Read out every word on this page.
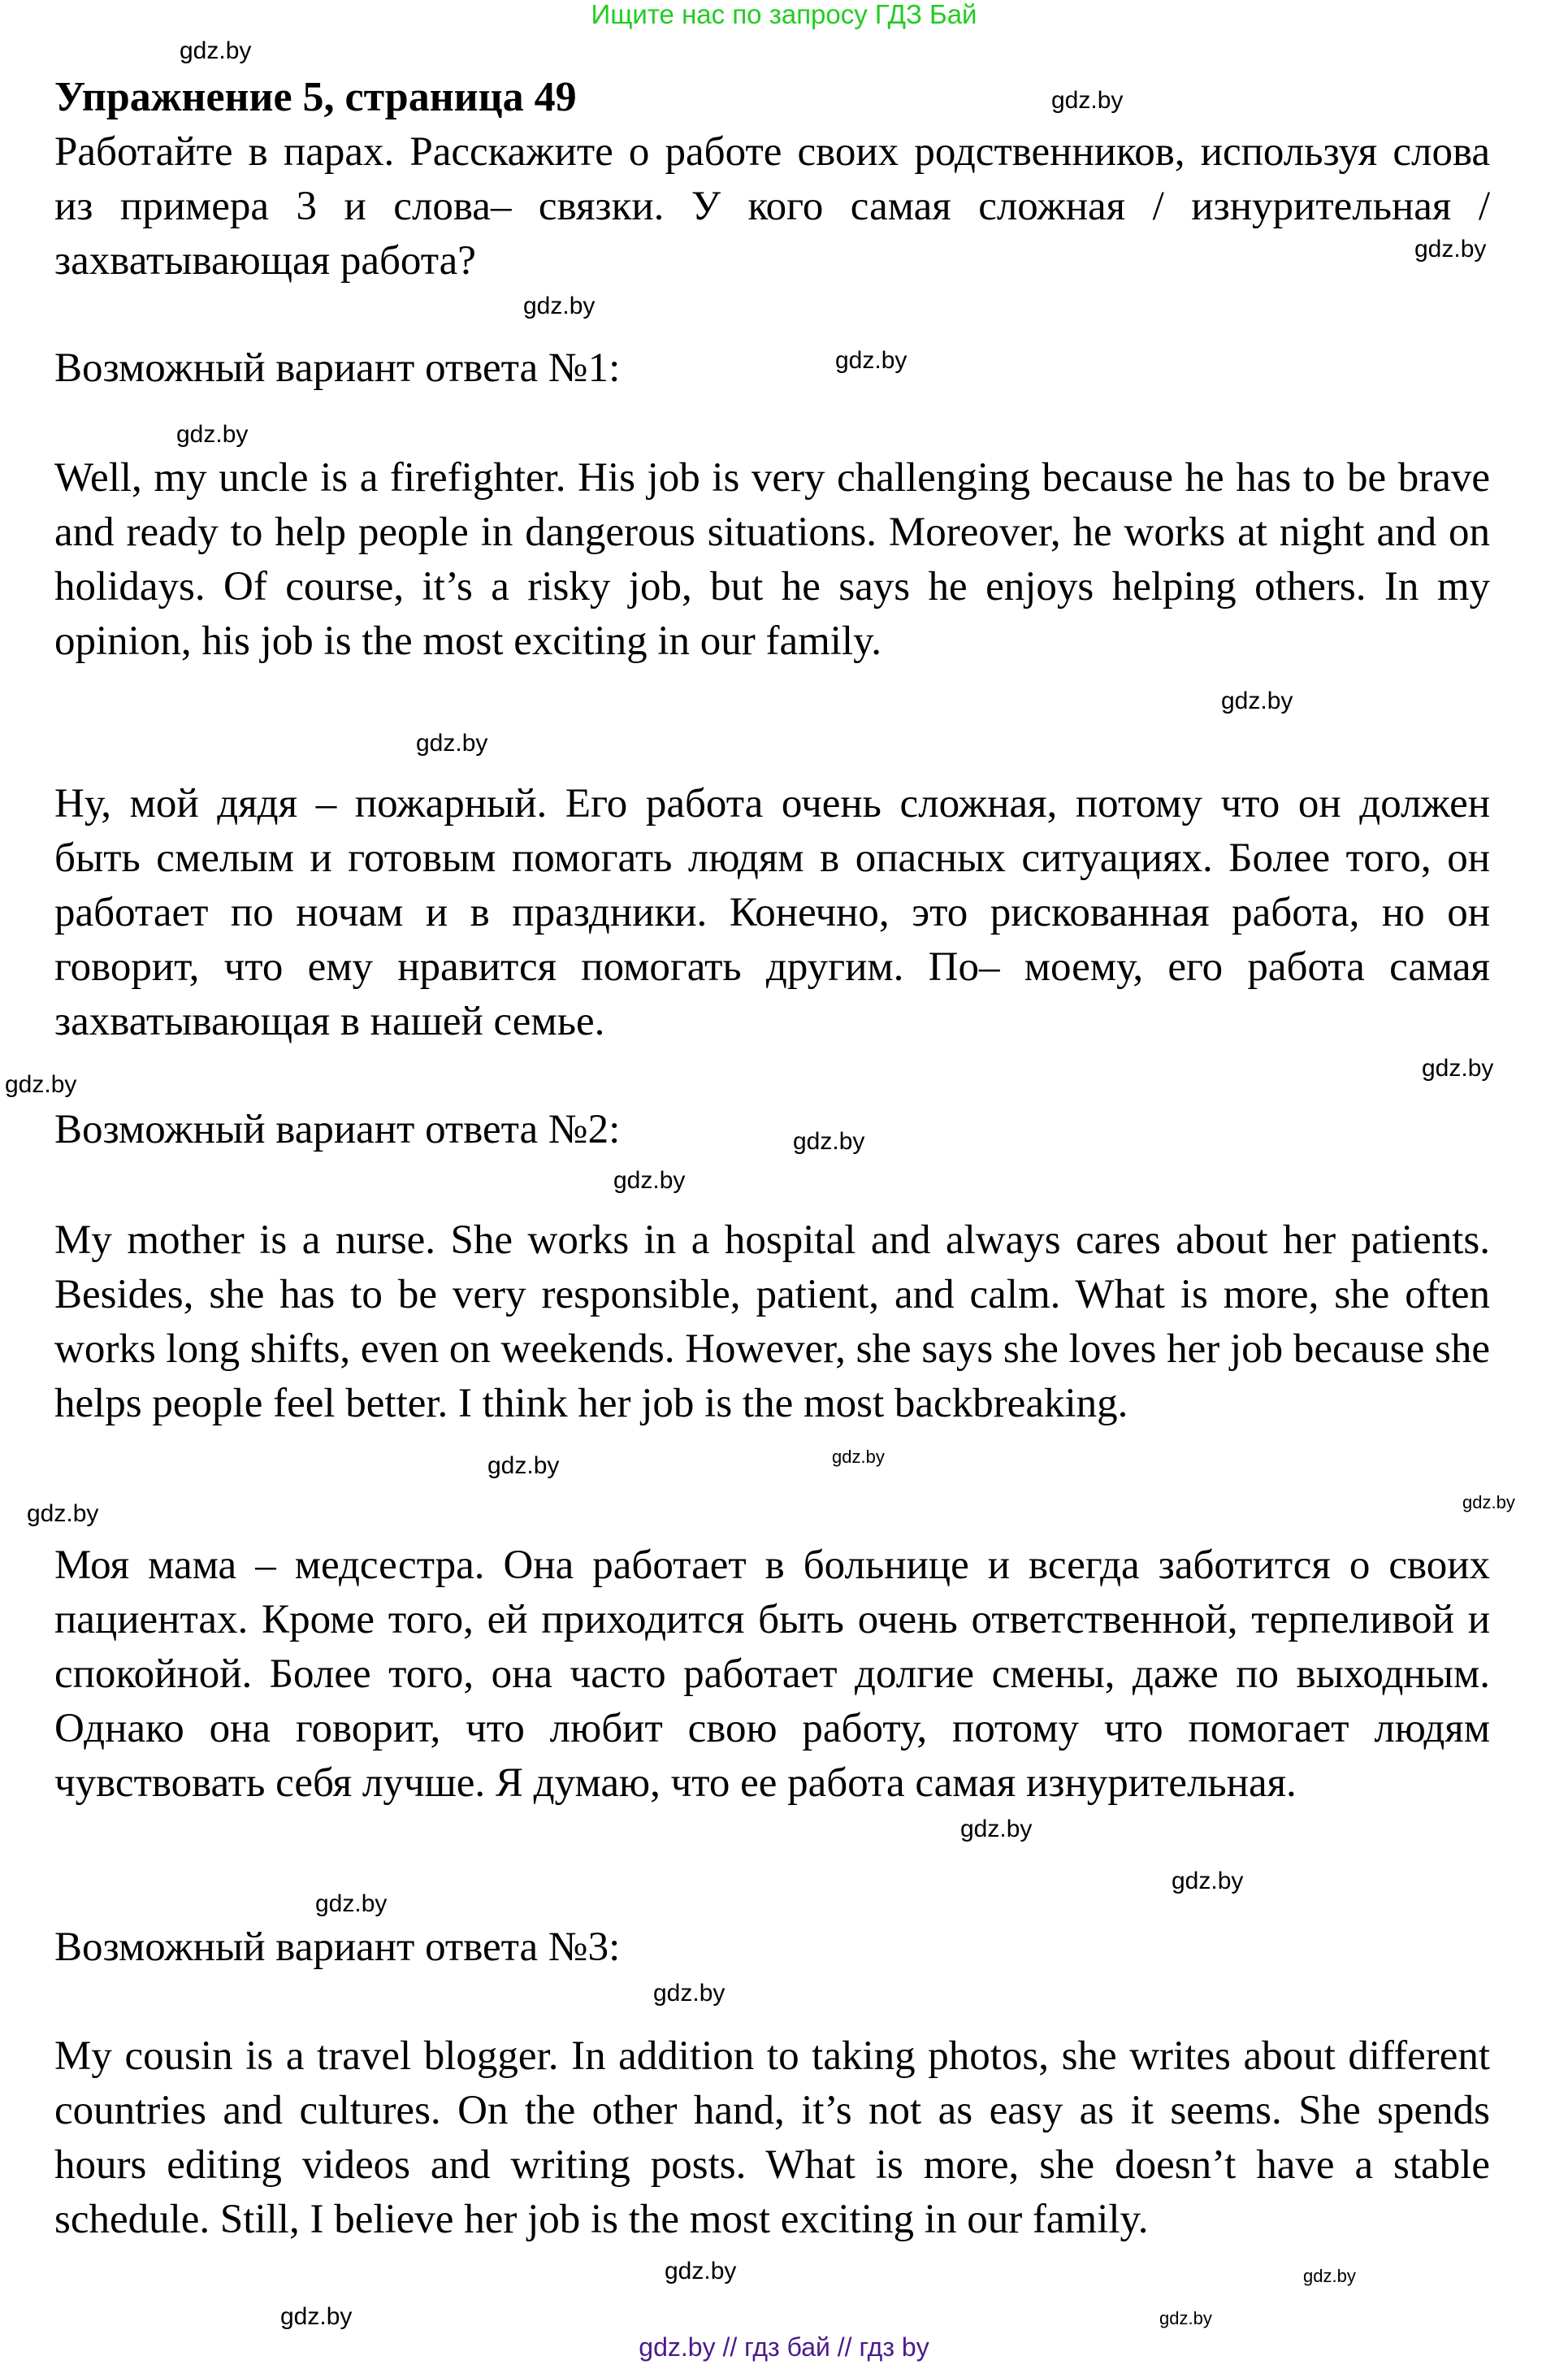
Ищите нас по запросу ГДЗ Бай
Упражнение 5, страница 49
Работайте в парах. Расскажите о работе своих родственников, используя слова из примера 3 и слова– связки. У кого самая сложная / изнурительная / захватывающая работа?
Возможный вариант ответа №1:
Well, my uncle is a firefighter. His job is very challenging because he has to be brave and ready to help people in dangerous situations. Moreover, he works at night and on holidays. Of course, it’s a risky job, but he says he enjoys helping others. In my opinion, his job is the most exciting in our family.
Ну, мой дядя – пожарный. Его работа очень сложная, потому что он должен быть смелым и готовым помогать людям в опасных ситуациях. Более того, он работает по ночам и в праздники. Конечно, это рискованная работа, но он говорит, что ему нравится помогать другим. По– моему, его работа самая захватывающая в нашей семье.
Возможный вариант ответа №2:
My mother is a nurse. She works in a hospital and always cares about her patients. Besides, she has to be very responsible, patient, and calm. What is more, she often works long shifts, even on weekends. However, she says she loves her job because she helps people feel better. I think her job is the most backbreaking.
Моя мама – медсестра. Она работает в больнице и всегда заботится о своих пациентах. Кроме того, ей приходится быть очень ответственной, терпеливой и спокойной. Более того, она часто работает долгие смены, даже по выходным. Однако она говорит, что любит свою работу, потому что помогает людям чувствовать себя лучше. Я думаю, что ее работа самая изнурительная.
Возможный вариант ответа №3:
My cousin is a travel blogger. In addition to taking photos, she writes about different countries and cultures. On the other hand, it’s not as easy as it seems. She spends hours editing videos and writing posts. What is more, she doesn’t have a stable schedule. Still, I believe her job is the most exciting in our family.
gdz.by
gdz.by
gdz.by
gdz.by
gdz.by
gdz.by
gdz.by
gdz.by
gdz.by
gdz.by
gdz.by
gdz.by
gdz.by
gdz.by
gdz.by
gdz.by
gdz.by
gdz.by
gdz.by
gdz.by
gdz.by
gdz.by
gdz.by
gdz.by
gdz.by // гдз бай // гдз by
